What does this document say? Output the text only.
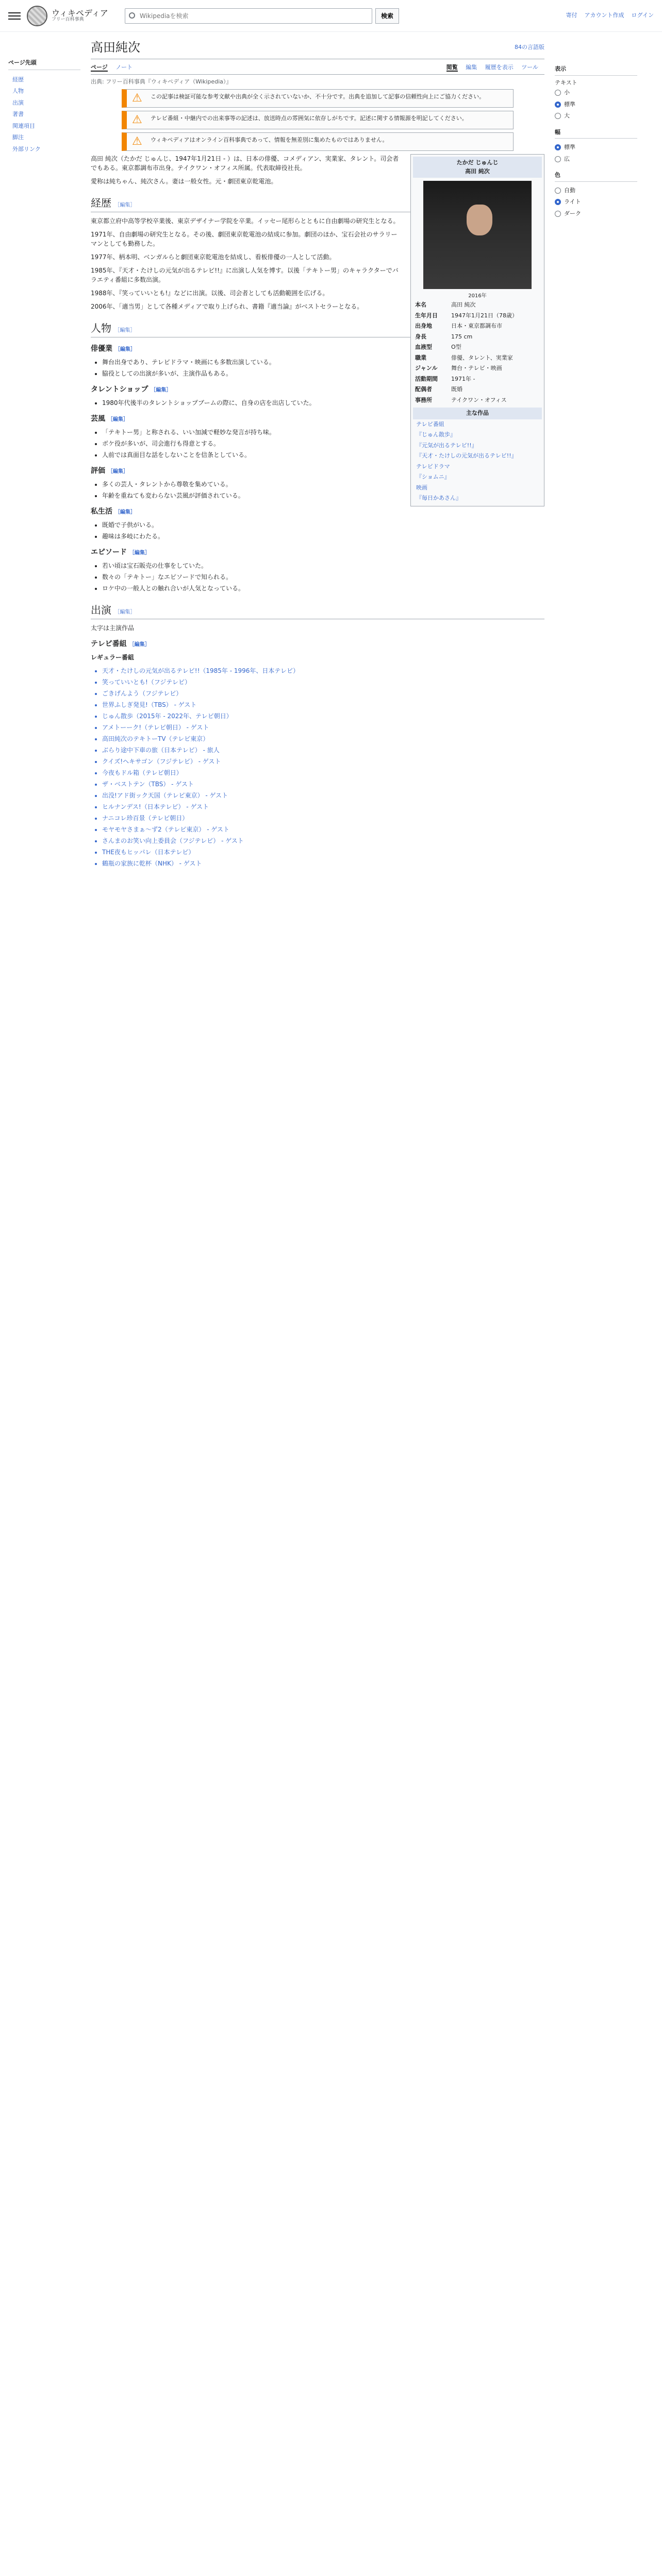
ウィキペディア
フリー百科事典
Wikipediaを検索
検索	寄付 アカウント作成 ログイン
ページ先頭
経歴
人物
出演
著書
関連項目
脚注
外部リンク
高田純次	84の言語版
ページ ノート	閲覧 編集 履歴を表示 ツール
出典: フリー百科事典『ウィキペディア（Wikipedia）』
⚠
この記事は検証可能な参考文献や出典が全く示されていないか、不十分です。出典を追加して記事の信頼性向上にご協力ください。
⚠
テレビ番組・中継内での出来事等の記述は、放送時点の雰囲気に依存しがちです。記述に関する情報源を明記してください。
⚠
ウィキペディアはオンライン百科事典であって、情報を無差別に集めたものではありません。
たかだ じゅんじ
高田 純次
2016年
本名	高田 純次
生年月日	1947年1月21日（78歳）
出身地	日本・東京都調布市
身長	175 cm
血液型	O型
職業	俳優、タレント、実業家
ジャンル	舞台・テレビ・映画
活動期間	1971年 -
配偶者	既婚
事務所	テイクワン・オフィス
主な作品
テレビ番組
『じゅん散歩』
『元気が出るテレビ!!』
『天才・たけしの元気が出るテレビ!!』
テレビドラマ
『ショムニ』
映画
『毎日かあさん』

高田 純次（たかだ じゅんじ、1947年1月21日 - ）は、日本の俳優、コメディアン、実業家、タレント。司会者でもある。東京都調布市出身。テイクワン・オフィス所属。代表取締役社長。

愛称は純ちゃん、純次さん。妻は一般女性。元・劇団東京乾電池。

経歴 ［編集］

東京都立府中高等学校卒業後、東京デザイナー学院を卒業。イッセー尾形らとともに自由劇場の研究生となる。

1971年、自由劇場の研究生となる。その後、劇団東京乾電池の結成に参加。劇団のほか、宝石会社のサラリーマンとしても勤務した。

1977年、柄本明、ベンガルらと劇団東京乾電池を結成し、看板俳優の一人として活動。

1985年、『天才・たけしの元気が出るテレビ!!』に出演し人気を博す。以後「テキトー男」のキャラクターでバラエティ番組に多数出演。

1988年、『笑っていいとも!』などに出演。以後、司会者としても活動範囲を広げる。

2006年、「適当男」として各種メディアで取り上げられ、書籍『適当論』がベストセラーとなる。

人物 ［編集］
俳優業 ［編集］
• 舞台出身であり、テレビドラマ・映画にも多数出演している。
• 脇役としての出演が多いが、主演作品もある。
タレントショップ ［編集］
• 1980年代後半のタレントショップブームの際に、自身の店を出店していた。
芸風 ［編集］
• 「テキトー男」と称される、いい加減で軽妙な発言が持ち味。
• ボケ役が多いが、司会進行も得意とする。
• 人前では真面目な話をしないことを信条としている。
評価 ［編集］
• 多くの芸人・タレントから尊敬を集めている。
• 年齢を重ねても変わらない芸風が評価されている。
私生活 ［編集］
• 既婚で子供がいる。
• 趣味は多岐にわたる。
エピソード ［編集］
• 若い頃は宝石販売の仕事をしていた。
• 数々の「テキトー」なエピソードで知られる。
• ロケ中の一般人との触れ合いが人気となっている。
出演 ［編集］

太字は主演作品

テレビ番組 ［編集］

レギュラー番組

• 天才・たけしの元気が出るテレビ!!（1985年 - 1996年、日本テレビ）
• 笑っていいとも!（フジテレビ）
• ごきげんよう（フジテレビ）
• 世界ふしぎ発見!（TBS） - ゲスト
• じゅん散歩（2015年 - 2022年、テレビ朝日）
• アメトーーク!（テレビ朝日） - ゲスト
• 高田純次のテキトーTV（テレビ東京）
• ぶらり途中下車の旅（日本テレビ） - 旅人
• クイズ!ヘキサゴン（フジテレビ） - ゲスト
• 今夜もドル箱（テレビ朝日）
• ザ・ベストテン（TBS） - ゲスト
• 出没!アド街ック天国（テレビ東京） - ゲスト
• ヒルナンデス!（日本テレビ） - ゲスト
• ナニコレ珍百景（テレビ朝日）
• モヤモヤさまぁ〜ず2（テレビ東京） - ゲスト
• さんまのお笑い向上委員会（フジテレビ） - ゲスト
• THE夜もヒッパレ（日本テレビ）
• 鶴瓶の家族に乾杯（NHK） - ゲスト
表示
テキスト
小
標準
大
幅
標準
広
色
自動
ライト
ダーク
